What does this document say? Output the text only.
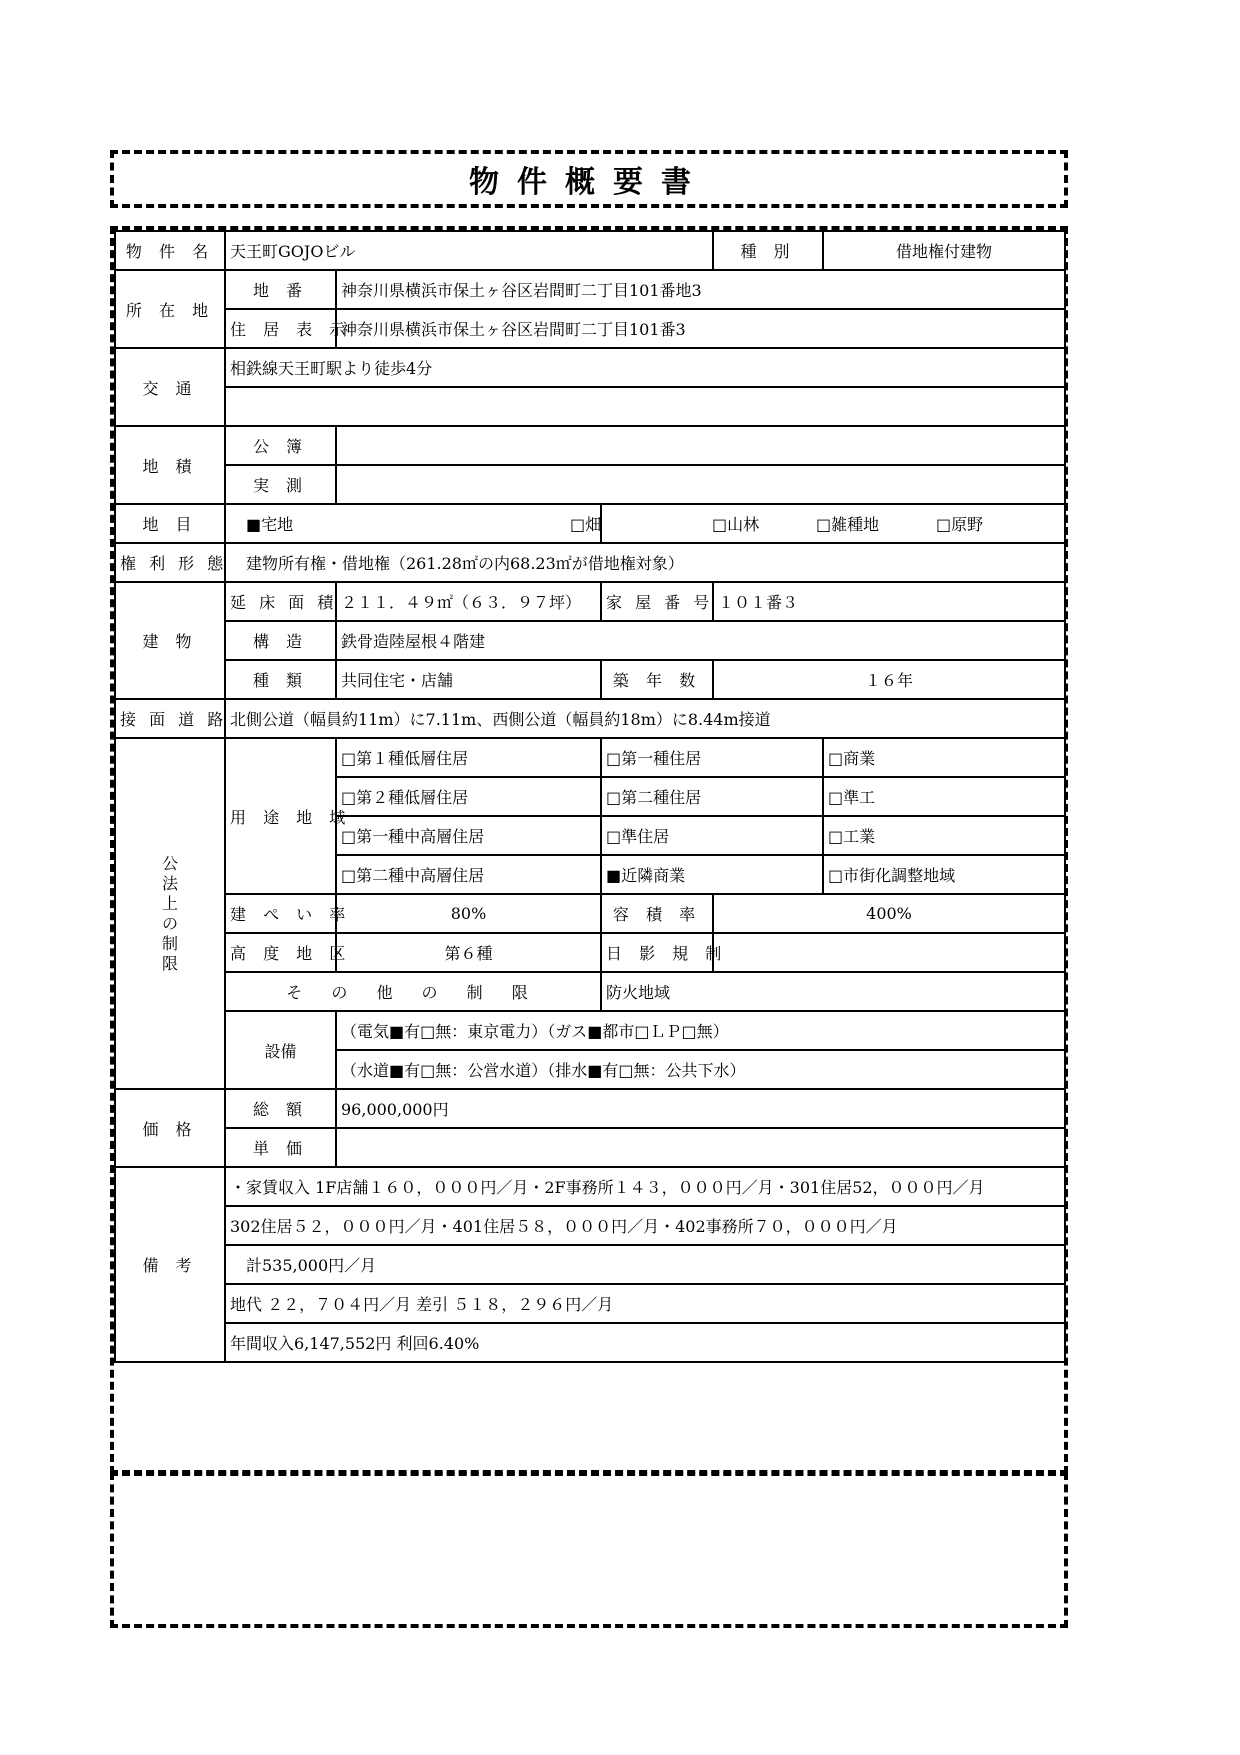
物件概要書
物 件 名	天王町GOJOビル			種 別	借地権付建物
所 在 地	地 番	神奈川県横浜市保土ヶ谷区岩間町二丁目101番地3			
	住 居 表 示	神奈川県横浜市保土ヶ谷区岩間町二丁目101番3			
交 通	相鉄線天王町駅より徒歩4分				

地 積	公 簿				
	実 測				
地 目	■宅地		□畑 □山林 □雑種地 □原野		
権 利 形 態	建物所有権・借地権（261.28㎡の内68.23㎡が借地権対象）				
建 物	延 床 面 積	２１１．４９㎡（６３．９７坪）	家 屋 番 号	１０１番３	
	構 造	鉄骨造陸屋根４階建			
	種 類	共同住宅・店舗	築 年 数	１６年	
接 面 道 路	北側公道（幅員約11m）に7.11m、西側公道（幅員約18m）に8.44m接道				

公法上の制限	用 途 地 域	□第１種低層住居	□第一種住居		□商業
		□第２種低層住居	□第二種住居		□準工
		□第一種中高層住居	□準住居		□工業
		□第二種中高層住居	■近隣商業		□市街化調整地域
	建 ぺ い 率	80%	容 積 率	400%	
	高 度 地 区	第６種	日 影 規 制		
	そ の 他 の 制 限		防火地域		
	設備	（電気■有□無：東京電力）（ガス■都市□ＬＰ□無）			
		（水道■有□無：公営水道）（排水■有□無：公共下水）			
価 格	総 額	96,000,000円			
	単 価				
備 考	・家賃収入 1F店舗１６０，０００円／月・2F事務所１４３，０００円／月・301住居52，０００円／月				
	302住居５２，０００円／月・401住居５８，０００円／月・402事務所７０，０００円／月				
	計535,000円／月				
	地代 ２２，７０４円／月 差引 ５１８，２９６円／月				
	年間収入6,147,552円 利回6.40%				
